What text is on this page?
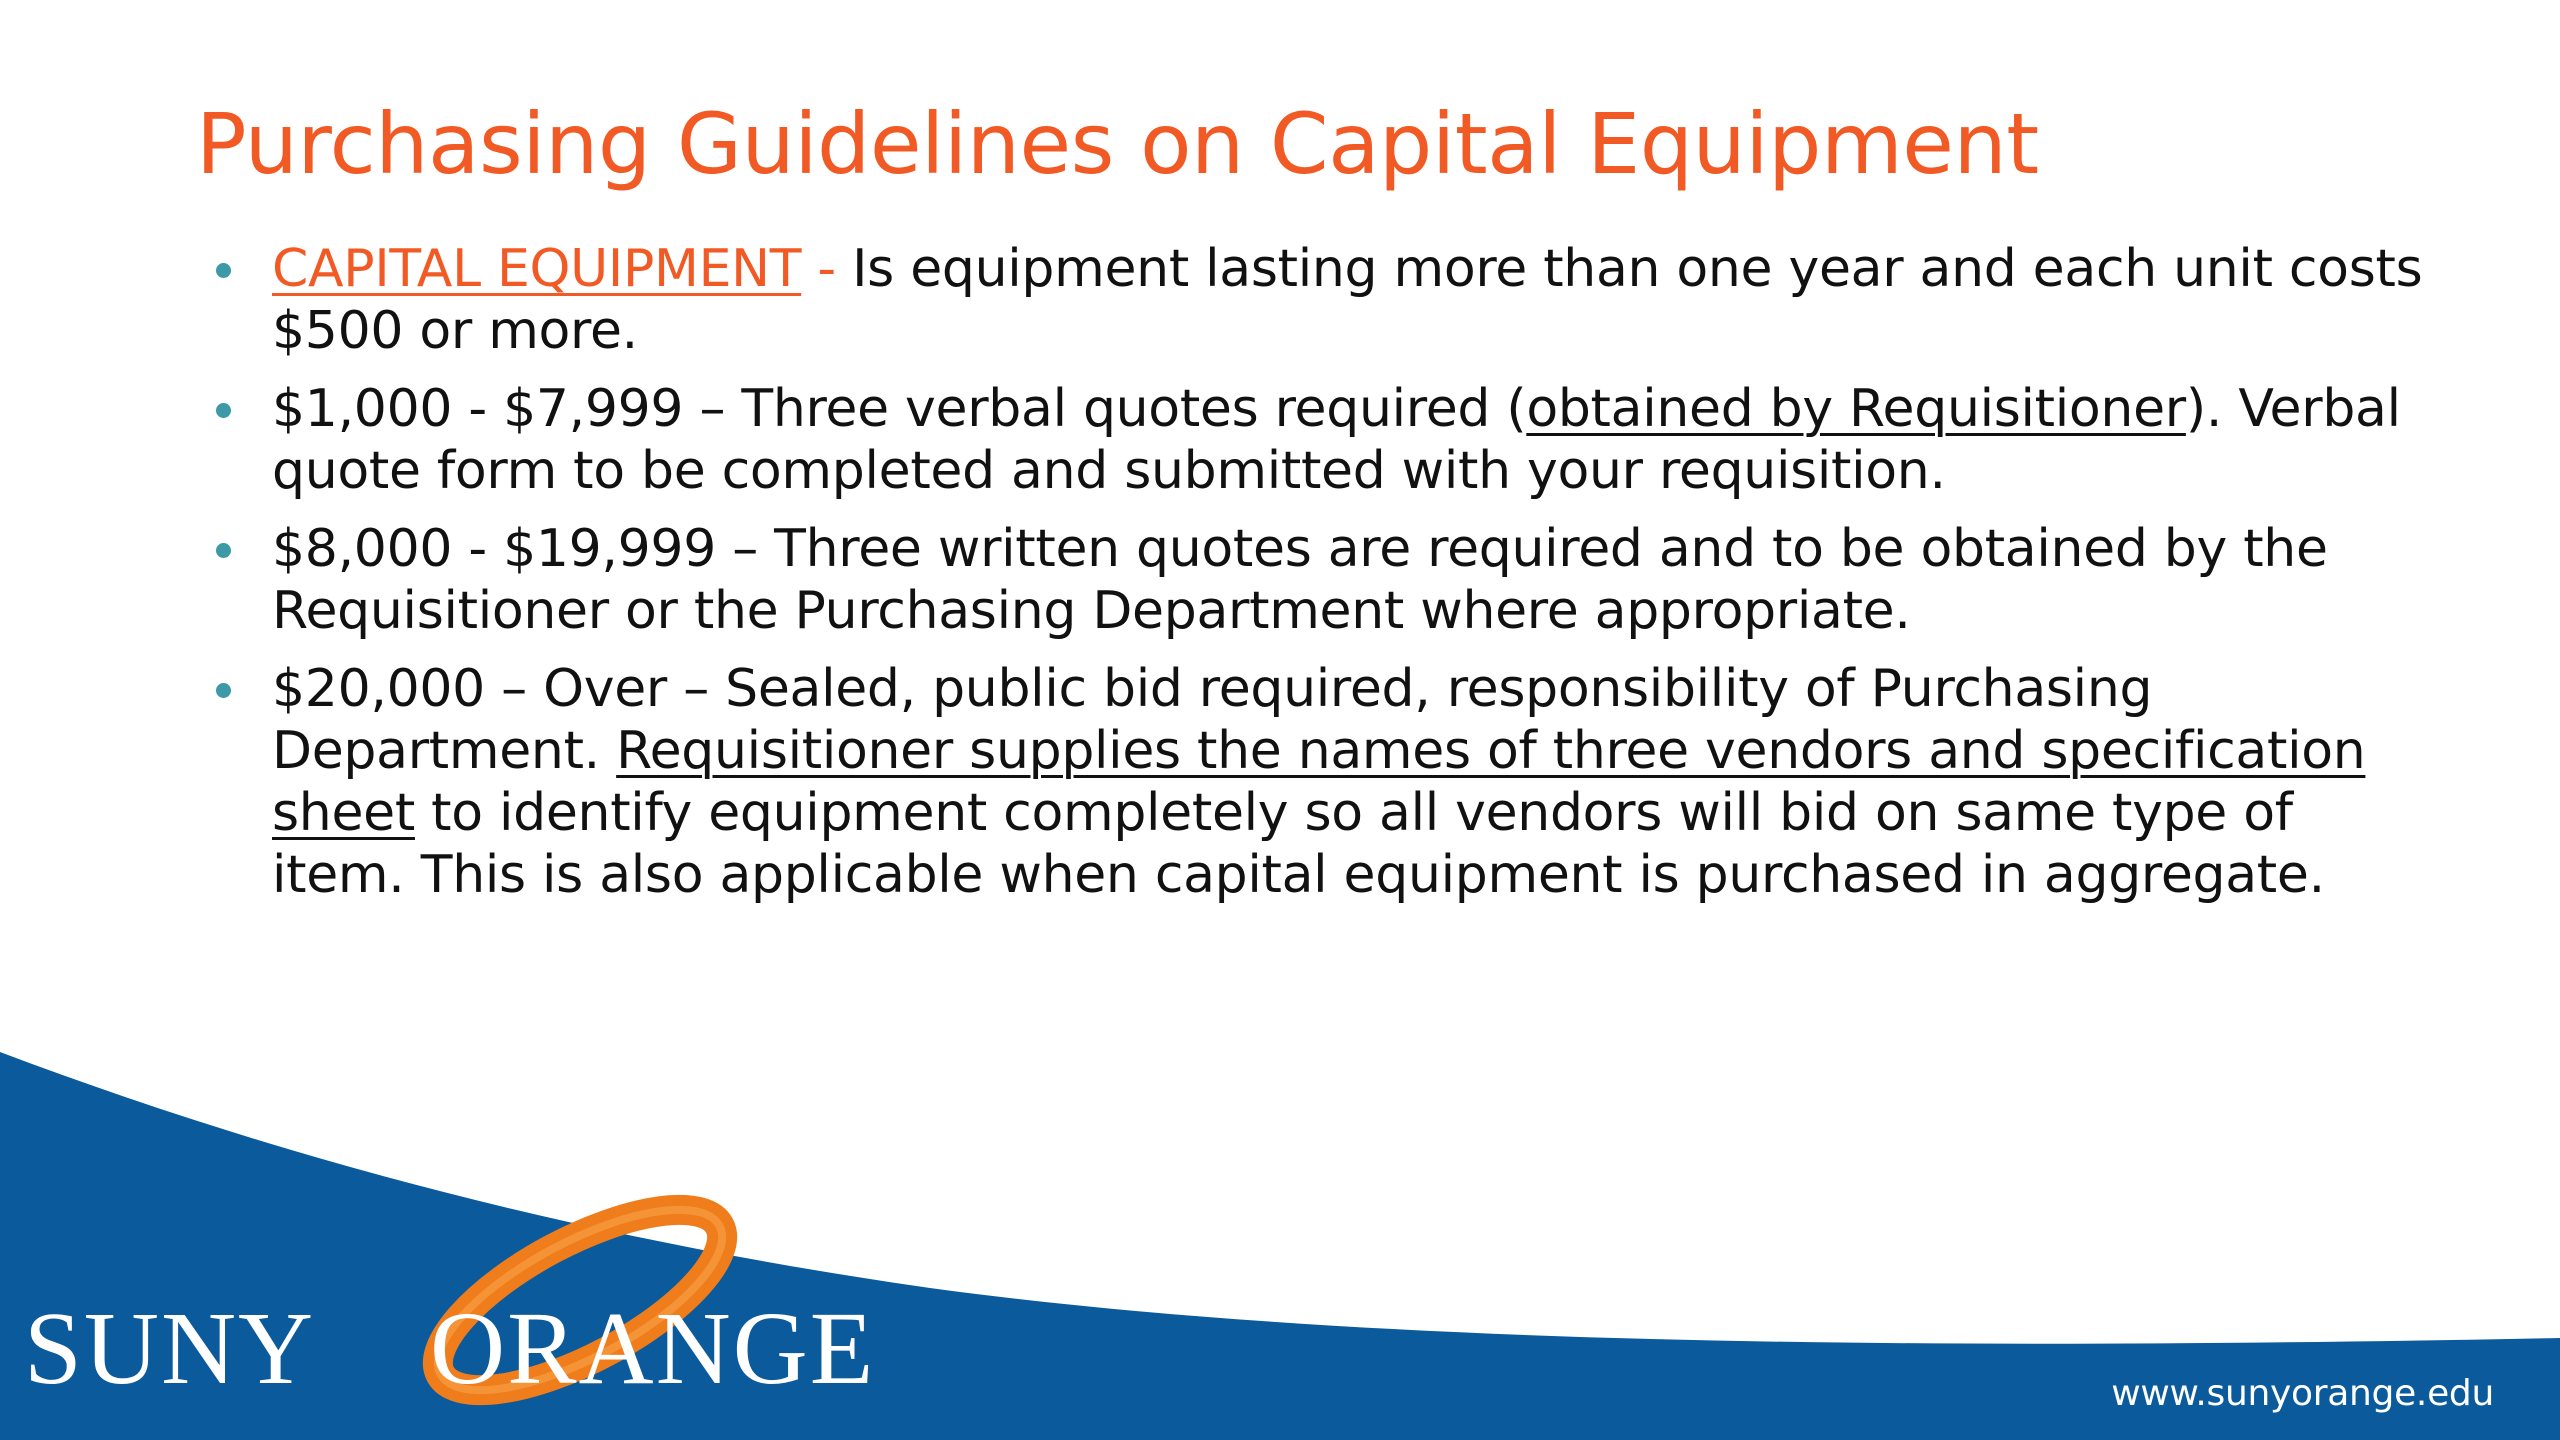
Purchasing Guidelines on Capital Equipment
CAPITAL EQUIPMENT - Is equipment lasting more than one year and each unit costs $500 or more.
$1,000 - $7,999 – Three verbal quotes required (obtained by Requisitioner). Verbal quote form to be completed and submitted with your requisition.
$8,000 - $19,999 – Three written quotes are required and to be obtained by the Requisitioner or the Purchasing Department where appropriate.
$20,000 – Over – Sealed, public bid required, responsibility of Purchasing Department. Requisitioner supplies the names of three vendors and specification sheet to identify equipment completely so all vendors will bid on same type of item. This is also applicable when capital equipment is purchased in aggregate.
SUNY ORANGE	www.sunyorange.edu
